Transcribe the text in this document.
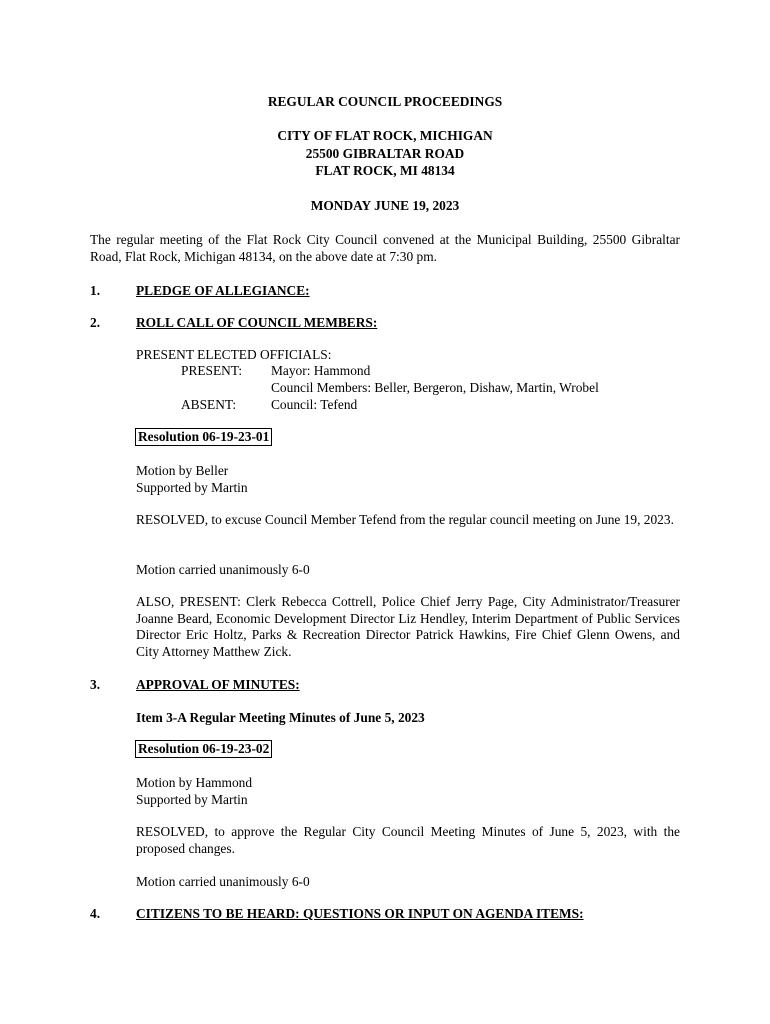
REGULAR COUNCIL PROCEEDINGS
CITY OF FLAT ROCK, MICHIGAN
25500 GIBRALTAR ROAD
FLAT ROCK, MI 48134
MONDAY JUNE 19, 2023

The regular meeting of the Flat Rock City Council convened at the Municipal Building, 25500 Gibraltar Road, Flat Rock, Michigan 48134, on the above date at 7:30 pm.

1.	PLEDGE OF ALLEGIANCE:
2.	ROLL CALL OF COUNCIL MEMBERS:
PRESENT ELECTED OFFICIALS:
PRESENT: Mayor: Hammond
Council Members: Beller, Bergeron, Dishaw, Martin, Wrobel
ABSENT:	Council: Tefend
Resolution 06-19-23-01
Motion by Beller
Supported by Martin

RESOLVED, to excuse Council Member Tefend from the regular council meeting on June 19, 2023.

Motion carried unanimously 6-0

ALSO, PRESENT: Clerk Rebecca Cottrell, Police Chief Jerry Page, City Administrator/Treasurer Joanne Beard, Economic Development Director Liz Hendley, Interim Department of Public Services Director Eric Holtz, Parks & Recreation Director Patrick Hawkins, Fire Chief Glenn Owens, and City Attorney Matthew Zick.

3.	APPROVAL OF MINUTES:
Item 3-A Regular Meeting Minutes of June 5, 2023
Resolution 06-19-23-02
Motion by Hammond
Supported by Martin

RESOLVED, to approve the Regular City Council Meeting Minutes of June 5, 2023, with the proposed changes.

Motion carried unanimously 6-0
4.	CITIZENS TO BE HEARD: QUESTIONS OR INPUT ON AGENDA ITEMS:
